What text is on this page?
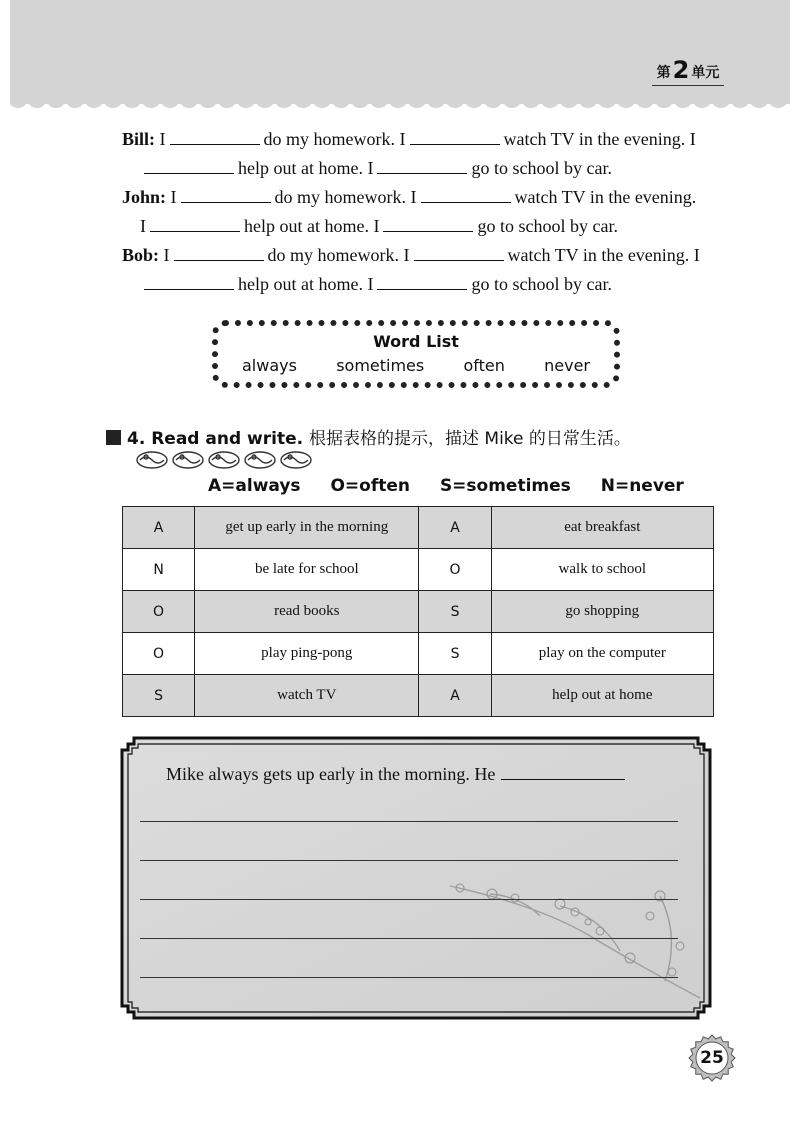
第 2 单元
Bill: I	do my homework. I	watch TV in the evening. I
help out at home. I	go to school by car.
John: I	do my homework. I	watch TV in the evening.
I	help out at home. I	go to school by car.
Bob: I	do my homework. I	watch TV in the evening. I
help out at home. I	go to school by car.
Word List
always sometimes often never
4. Read and write. 根据表格的提示，描述 Mike 的日常生活。
A=always O=often S=sometimes N=never
A	get up early in the morning	A	eat breakfast
N	be late for school	O	walk to school
O	read books	S	go shopping
O	play ping-pong	S	play on the computer
S	watch TV	A	help out at home
Mike always gets up early in the morning. He
25
